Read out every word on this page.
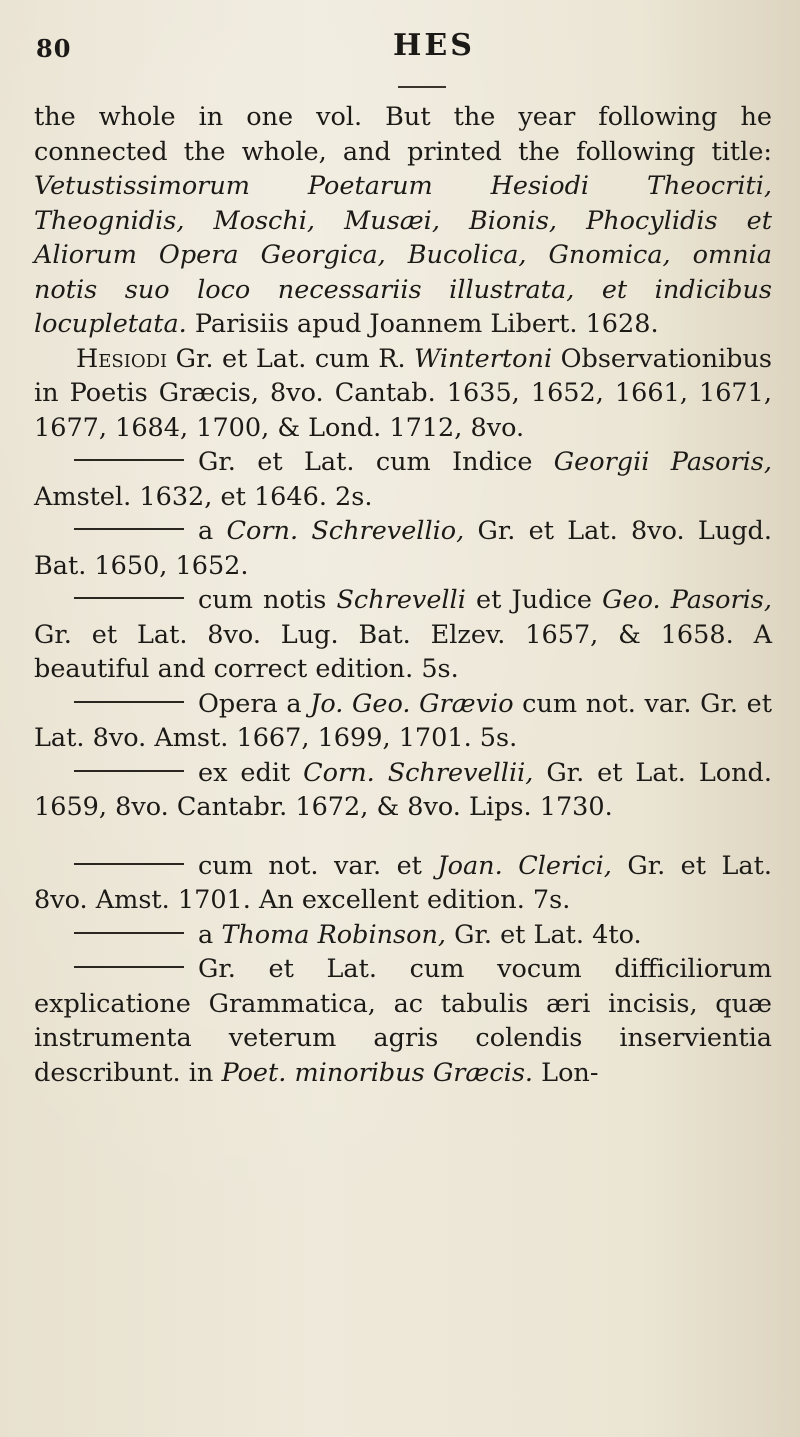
80	HES

the whole in one vol. But the year following he connected the whole, and printed the following title: Vetustissimorum Poetarum Hesiodi Theocriti, Theognidis, Moschi, Musæi, Bionis, Phocylidis et Aliorum Opera Georgica, Bucolica, Gnomica, omnia notis suo loco necessariis illustrata, et indicibus locupletata. Parisiis apud Joannem Libert. 1628.

Hesiodi Gr. et Lat. cum R. Wintertoni Observationibus in Poetis Græcis, 8vo. Cantab. 1635, 1652, 1661, 1671, 1677, 1684, 1700, & Lond. 1712, 8vo.

Gr. et Lat. cum Indice Georgii Pasoris, Amstel. 1632, et 1646. 2s.

a Corn. Schrevellio, Gr. et Lat. 8vo. Lugd. Bat. 1650, 1652.

cum notis Schrevelli et Judice Geo. Pasoris, Gr. et Lat. 8vo. Lug. Bat. Elzev. 1657, & 1658. A beautiful and correct edition. 5s.

Opera a Jo. Geo. Grævio cum not. var. Gr. et Lat. 8vo. Amst. 1667, 1699, 1701. 5s.

ex edit Corn. Schrevellii, Gr. et Lat. Lond. 1659, 8vo. Cantabr. 1672, & 8vo. Lips. 1730.

cum not. var. et Joan. Clerici, Gr. et Lat. 8vo. Amst. 1701. An excellent edition. 7s.

a Thoma Robinson, Gr. et Lat. 4to.

Gr. et Lat. cum vocum difficiliorum explicatione Grammatica, ac tabulis æri incisis, quæ instrumenta veterum agris colendis inservientia describunt. in Poet. minoribus Græcis. Lon-
